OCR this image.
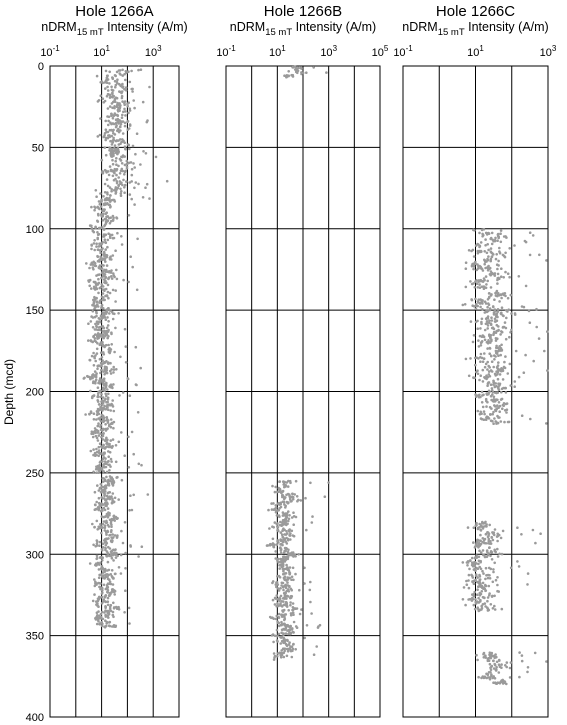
Depth (mcd)
0
50
100
150
200
250
300
350
400
Hole 1266A
nDRM$_{15 mT}$ Intensity (A/m)
$10^{-1}$	$10^1$	$10^3$
Hole 1266B
nDRM$_{15 mT}$ Intensity (A/m)
$10^{-1}$	$10^1$	$10^3$	$10^5$
Hole 1266C
nDRM$_{15 mT}$ Intensity (A/m)
$10^{-1}$	$10^1$	$10^3$
